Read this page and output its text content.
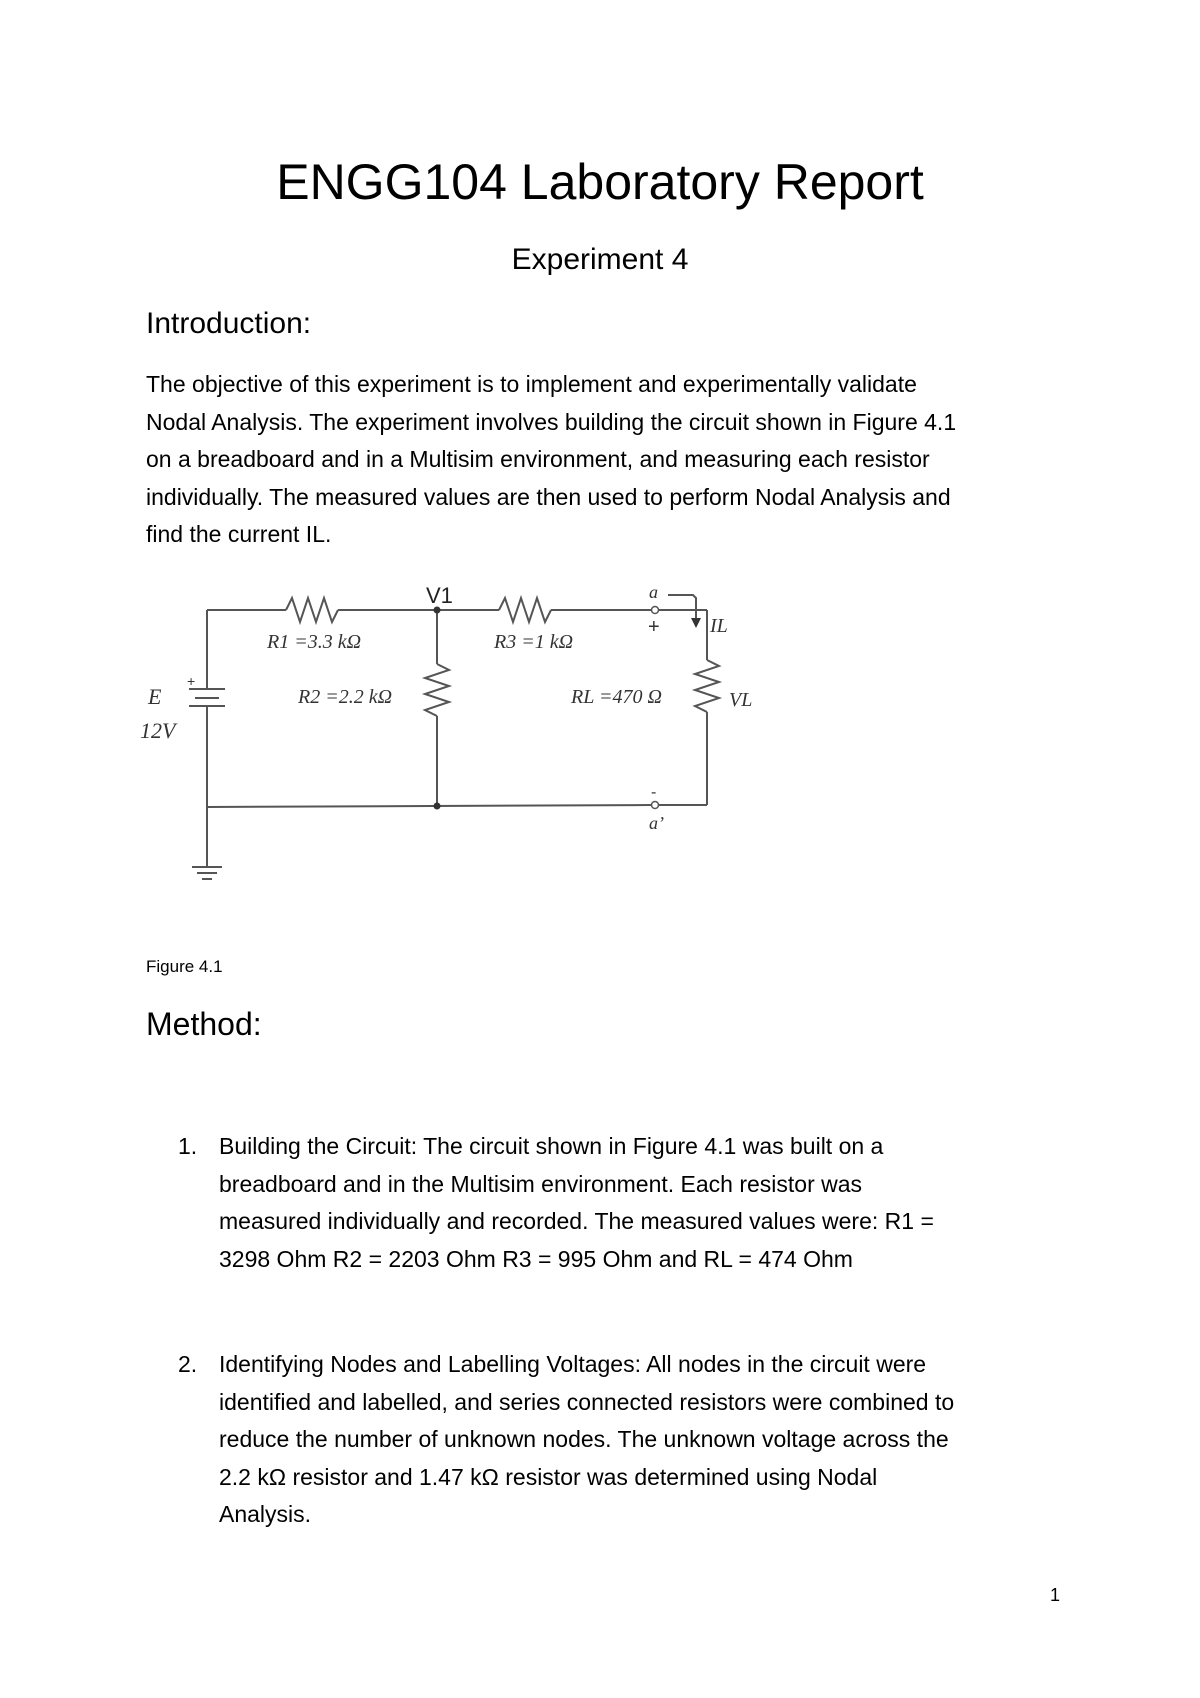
ENGG104 Laboratory Report
Experiment 4
Introduction:
The objective of this experiment is to implement and experimentally validate
Nodal Analysis. The experiment involves building the circuit shown in Figure 4.1
on a breadboard and in a Multisim environment, and measuring each resistor
individually. The measured values are then used to perform Nodal Analysis and
find the current IL.
V1
R1 =3.3 kΩ	R3 =1 kΩ
R2 =2.2 kΩ	RL =470 Ω	VL
IL
a
+
-
a’
E
12V
+
Figure 4.1
Method:
1. Building the Circuit: The circuit shown in Figure 4.1 was built on a
breadboard and in the Multisim environment. Each resistor was
measured individually and recorded. The measured values were: R1 =
3298 Ohm R2 = 2203 Ohm R3 = 995 Ohm and RL = 474 Ohm
2. Identifying Nodes and Labelling Voltages: All nodes in the circuit were
identified and labelled, and series connected resistors were combined to
reduce the number of unknown nodes. The unknown voltage across the
2.2 kΩ resistor and 1.47 kΩ resistor was determined using Nodal
Analysis.
1
